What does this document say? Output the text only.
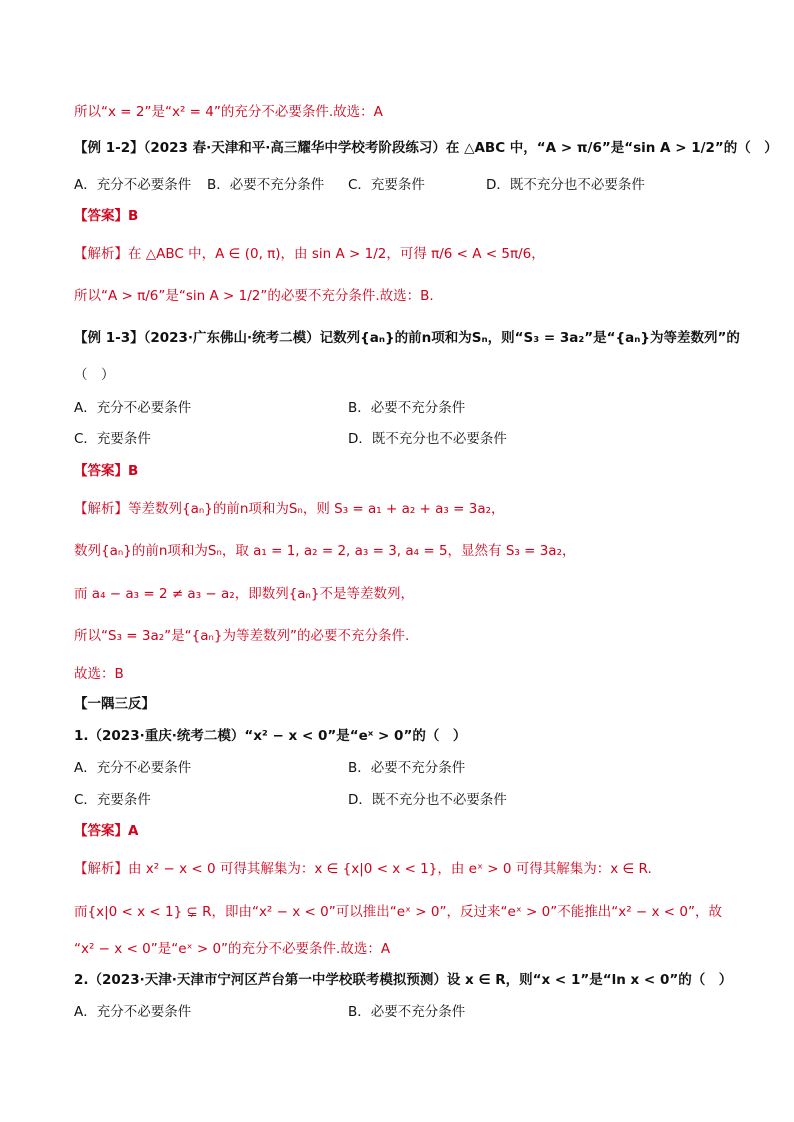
所以“x = 2”是“x² = 4”的充分不必要条件.故选：A
【例 1-2】（2023 春·天津和平·高三耀华中学校考阶段练习）在 △ABC 中，“A > π/6”是“sin A > 1/2”的（　）
A．充分不必要条件 B．必要不充分条件 C．充要条件	D．既不充分也不必要条件
【答案】B
【解析】在 △ABC 中，A ∈ (0, π)，由 sin A > 1/2，可得 π/6 < A < 5π/6，
所以“A > π/6”是“sin A > 1/2”的必要不充分条件.故选：B.
【例 1-3】（2023·广东佛山·统考二模）记数列{aₙ}的前n项和为Sₙ，则“S₃ = 3a₂”是“{aₙ}为等差数列”的
（　）
A．充分不必要条件	B．必要不充分条件
C．充要条件	D．既不充分也不必要条件
【答案】B
【解析】等差数列{aₙ}的前n项和为Sₙ，则 S₃ = a₁ + a₂ + a₃ = 3a₂，
数列{aₙ}的前n项和为Sₙ，取 a₁ = 1, a₂ = 2, a₃ = 3, a₄ = 5，显然有 S₃ = 3a₂，
而 a₄ − a₃ = 2 ≠ a₃ − a₂，即数列{aₙ}不是等差数列，
所以“S₃ = 3a₂”是“{aₙ}为等差数列”的必要不充分条件.
故选：B
【一隅三反】
1.（2023·重庆·统考二模）“x² − x < 0”是“eˣ > 0”的（　）
A．充分不必要条件	B．必要不充分条件
C．充要条件	D．既不充分也不必要条件
【答案】A
【解析】由 x² − x < 0 可得其解集为：x ∈ {x|0 < x < 1}，由 eˣ > 0 可得其解集为：x ∈ R.
而{x|0 < x < 1} ⊊ R，即由“x² − x < 0”可以推出“eˣ > 0”，反过来“eˣ > 0”不能推出“x² − x < 0”，故
“x² − x < 0”是“eˣ > 0”的充分不必要条件.故选：A
2.（2023·天津·天津市宁河区芦台第一中学校联考模拟预测）设 x ∈ R，则“x < 1”是“ln x < 0”的（　）
A．充分不必要条件	B．必要不充分条件
